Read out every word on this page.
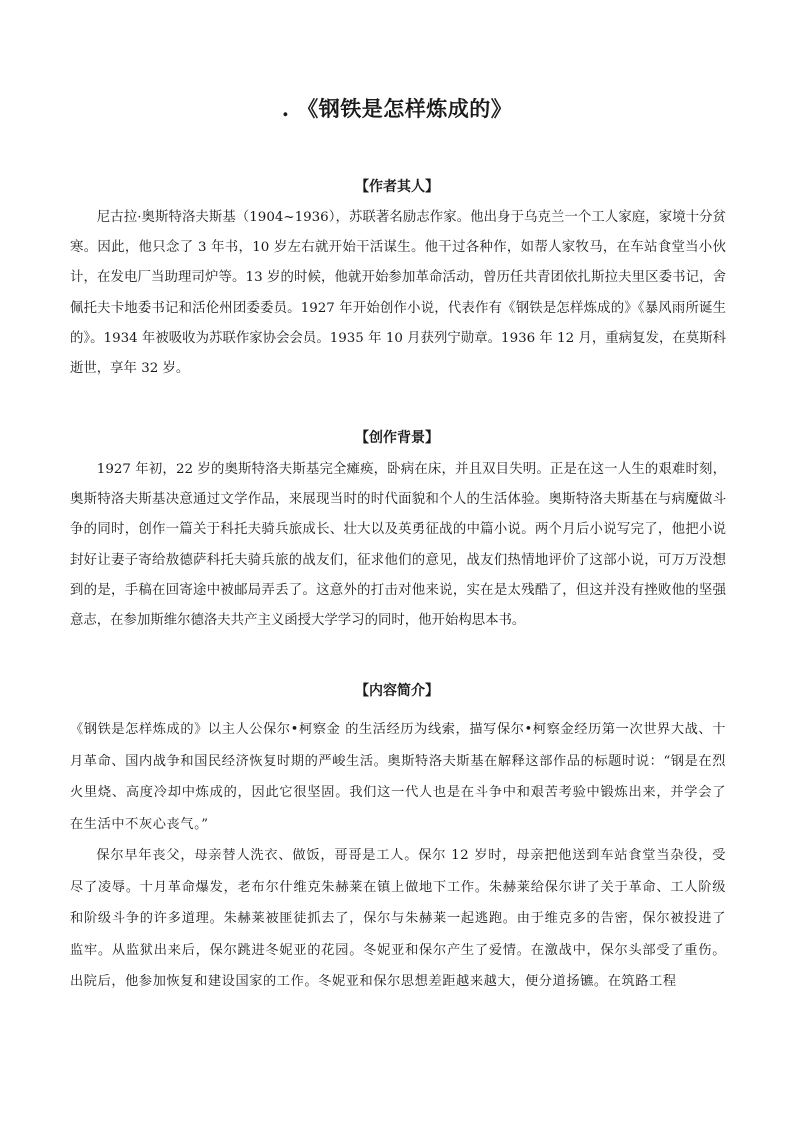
. 《钢铁是怎样炼成的》
【作者其人】

尼古拉·奥斯特洛夫斯基（1904~1936），苏联著名励志作家。他出身于乌克兰一个工人家庭，家境十分贫寒。因此，他只念了 3 年书，10 岁左右就开始干活谋生。他干过各种作，如帮人家牧马，在车站食堂当小伙计，在发电厂当助理司炉等。13 岁的时候，他就开始参加革命活动，曾历任共青团依扎斯拉夫里区委书记，舍佩托夫卡地委书记和活伦州团委委员。1927 年开始创作小说，代表作有《钢铁是怎样炼成的》《暴风雨所诞生的》。1934 年被吸收为苏联作家协会会员。1935 年 10 月获列宁勋章。1936 年 12 月，重病复发，在莫斯科逝世，享年 32 岁。

【创作背景】

1927 年初，22 岁的奥斯特洛夫斯基完全瘫痪，卧病在床，并且双目失明。正是在这一人生的艰难时刻，奥斯特洛夫斯基决意通过文学作品，来展现当时的时代面貌和个人的生活体验。奥斯特洛夫斯基在与病魔做斗争的同时，创作一篇关于科托夫骑兵旅成长、壮大以及英勇征战的中篇小说。两个月后小说写完了，他把小说封好让妻子寄给敖德萨科托夫骑兵旅的战友们，征求他们的意见，战友们热情地评价了这部小说，可万万没想到的是，手稿在回寄途中被邮局弄丢了。这意外的打击对他来说，实在是太残酷了，但这并没有挫败他的坚强意志，在参加斯维尔德洛夫共产主义函授大学学习的同时，他开始构思本书。

【内容简介】

《钢铁是怎样炼成的》以主人公保尔•柯察金 的生活经历为线索，描写保尔•柯察金经历第一次世界大战、十月革命、国内战争和国民经济恢复时期的严峻生活。奥斯特洛夫斯基在解释这部作品的标题时说：“钢是在烈火里烧、高度冷却中炼成的，因此它很坚固。我们这一代人也是在斗争中和艰苦考验中锻炼出来，并学会了在生活中不灰心丧气。”

保尔早年丧父，母亲替人洗衣、做饭，哥哥是工人。保尔 12 岁时，母亲把他送到车站食堂当杂役，受尽了凌辱。十月革命爆发，老布尔什维克朱赫莱在镇上做地下工作。朱赫莱给保尔讲了关于革命、工人阶级和阶级斗争的许多道理。朱赫莱被匪徒抓去了，保尔与朱赫莱一起逃跑。由于维克多的告密，保尔被投进了监牢。从监狱出来后，保尔跳进冬妮亚的花园。冬妮亚和保尔产生了爱情。在激战中，保尔头部受了重伤。出院后，他参加恢复和建设国家的工作。冬妮亚和保尔思想差距越来越大，便分道扬镳。在筑路工程
